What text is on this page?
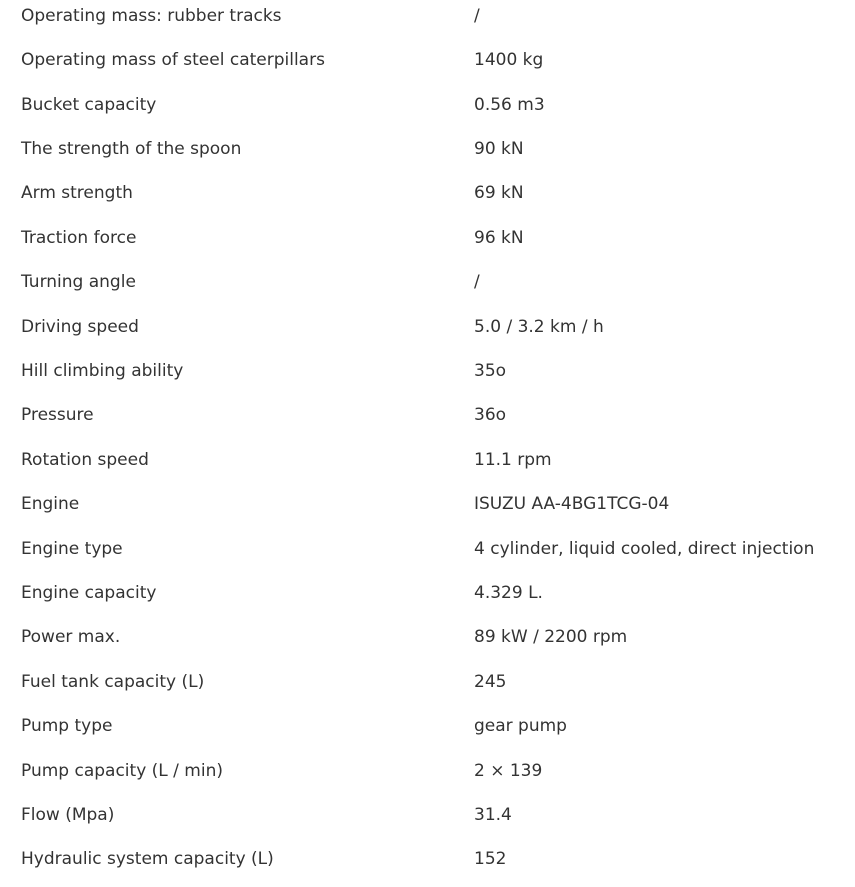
Operating mass: rubber tracks	/
Operating mass of steel caterpillars	1400 kg
Bucket capacity	0.56 m3
The strength of the spoon	90 kN
Arm strength	69 kN
Traction force	96 kN
Turning angle	/
Driving speed	5.0 / 3.2 km / h
Hill climbing ability	35o
Pressure	36o
Rotation speed	11.1 rpm
Engine	ISUZU AA-4BG1TCG-04
Engine type	4 cylinder, liquid cooled, direct injection
Engine capacity	4.329 L.
Power max.	89 kW / 2200 rpm
Fuel tank capacity (L)	245
Pump type	gear pump
Pump capacity (L / min)	2 × 139
Flow (Mpa)	31.4
Hydraulic system capacity (L)	152
